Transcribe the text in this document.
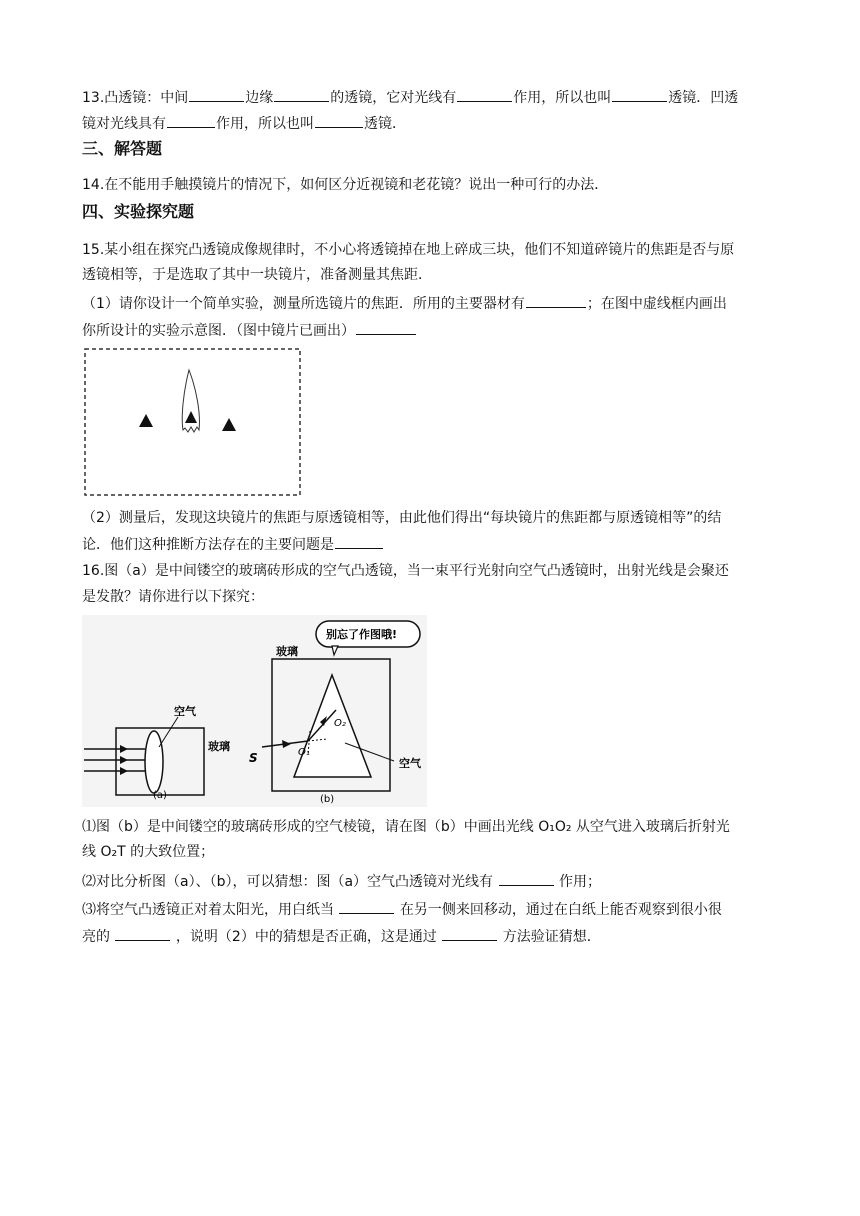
13.凸透镜：中间	边缘	的透镜，它对光线有	作用，所以也叫	透镜．凹透
镜对光线具有	作用，所以也叫	透镜．
三、解答题
14.在不能用手触摸镜片的情况下，如何区分近视镜和老花镜？说出一种可行的办法．
四、实验探究题
15.某小组在探究凸透镜成像规律时，不小心将透镜掉在地上碎成三块，他们不知道碎镜片的焦距是否与原
透镜相等，于是选取了其中一块镜片，准备测量其焦距．
（1）请你设计一个简单实验，测量所选镜片的焦距．所用的主要器材有	；在图中虚线框内画出
你所设计的实验示意图．（图中镜片已画出）
（2）测量后，发现这块镜片的焦距与原透镜相等，由此他们得出“每块镜片的焦距都与原透镜相等”的结
论．他们这种推断方法存在的主要问题是
16.图（a）是中间镂空的玻璃砖形成的空气凸透镜，当一束平行光射向空气凸透镜时，出射光线是会聚还
是发散？请你进行以下探究：
空气
玻璃
(a)
玻璃
别忘了作图哦!
S	O₁
O₂
空气
(b)
⑴图（b）是中间镂空的玻璃砖形成的空气棱镜，请在图（b）中画出光线 O₁O₂ 从空气进入玻璃后折射光
线 O₂T 的大致位置；
⑵对比分析图（a）、（b），可以猜想：图（a）空气凸透镜对光线有	作用；
⑶将空气凸透镜正对着太阳光，用白纸当	在另一侧来回移动，通过在白纸上能否观察到很小很
亮的	，说明（2）中的猜想是否正确，这是通过	方法验证猜想．
